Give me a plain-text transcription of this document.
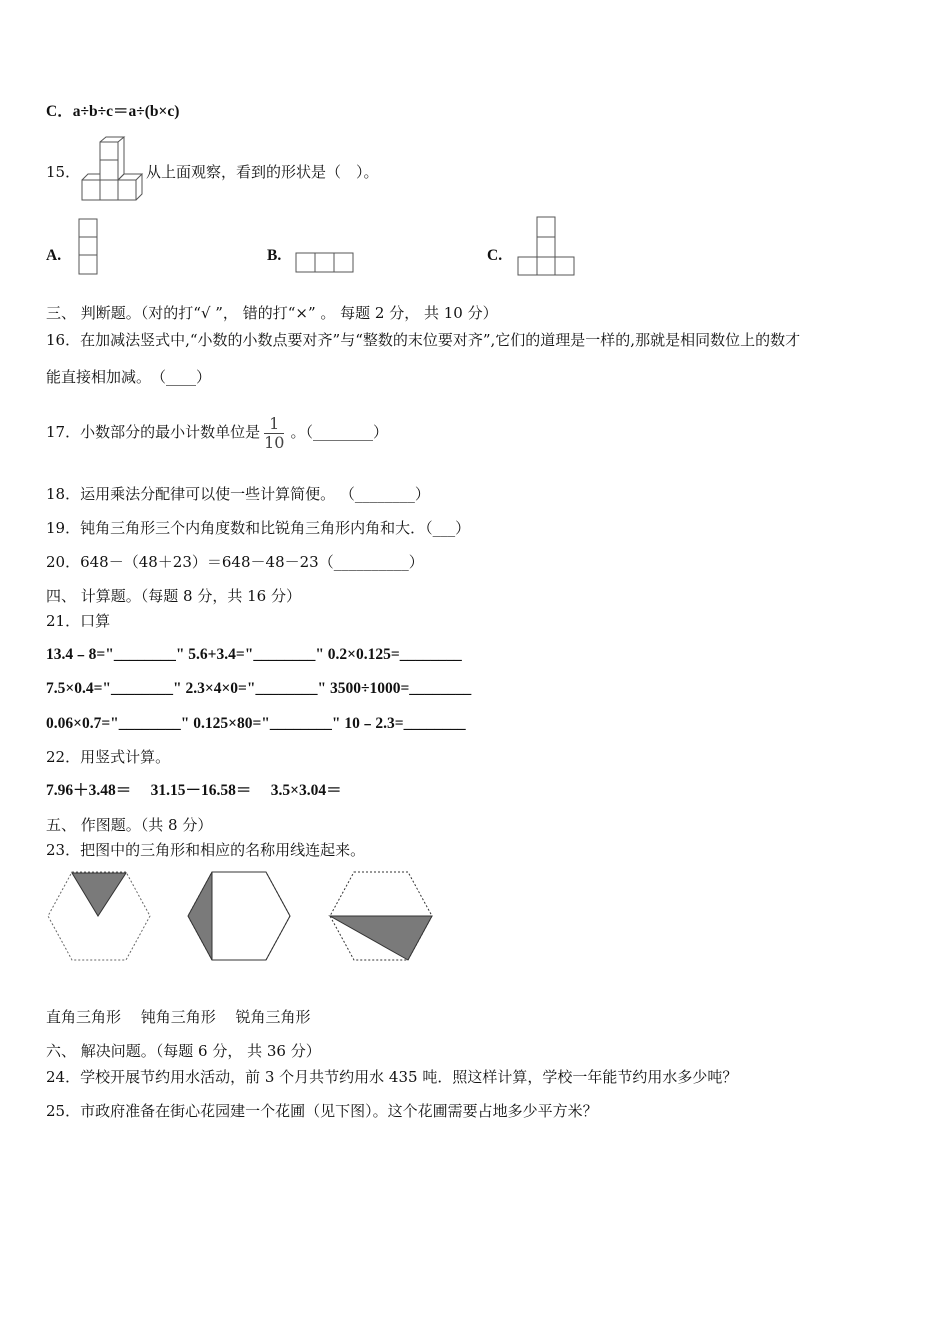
C．a÷b÷c＝a÷(b×c)
15．	从上面观察，看到的形状是（　）。
A.	B.	C.
三、 判断题。（对的打“√ ”， 错的打“×” 。 每题 2 分， 共 10 分）
16．在加减法竖式中,“小数的小数点要对齐”与“整数的末位要对齐”,它们的道理是一样的,那就是相同数位上的数才
能直接相加减。　（____）
17．小数部分的最小计数单位是 $\frac{1}{10}$ 。（________）
18．运用乘法分配律可以使一些计算简便。 （________）
19．钝角三角形三个内角度数和比锐角三角形内角和大．（___）
20．648－（48＋23）＝648－48－23（__________）
四、 计算题。（每题 8 分，共 16 分）
21．口算
13.4﹣8="________" 5.6+3.4="________" 0.2×0.125=________
7.5×0.4="________" 2.3×4×0="________" 3500÷1000=________
0.06×0.7="________" 0.125×80="________" 10﹣2.3=________
22．用竖式计算。
7.96＋3.48＝　 31.15－16.58＝　 3.5×3.04＝
五、 作图题。（共 8 分）
23．把图中的三角形和相应的名称用线连起来。
直角三角形　 钝角三角形　 锐角三角形
六、 解决问题。（每题 6 分， 共 36 分）
24．学校开展节约用水活动，前 3 个月共节约用水 435 吨．照这样计算，学校一年能节约用水多少吨？
25．市政府准备在街心花园建一个花圃（见下图）。这个花圃需要占地多少平方米？
